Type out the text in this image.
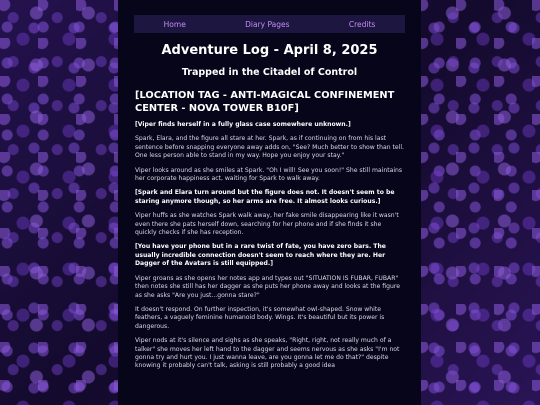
Home	Diary Pages	Credits
Adventure Log - April 8, 2025
Trapped in the Citadel of Control
[LOCATION TAG - ANTI-MAGICAL CONFINEMENT CENTER - NOVA TOWER B10F]

[Viper finds herself in a fully glass case somewhere unknown.]

Spark, Elara, and the figure all stare at her. Spark, as if continuing on from his last sentence before snapping everyone away adds on, "See? Much better to show than tell. One less person able to stand in my way. Hope you enjoy your stay."

Viper looks around as she smiles at Spark. "Oh I will! See you soon!" She still maintains her corporate happiness act, waiting for Spark to walk away.

[Spark and Elara turn around but the figure does not. It doesn't seem to be staring anymore though, so her arms are free. It almost looks curious.]

Viper huffs as she watches Spark walk away, her fake smile disappearing like it wasn't even there she pats herself down, searching for her phone and if she finds it she quickly checks if she has reception.

[You have your phone but in a rare twist of fate, you have zero bars. The usually incredible connection doesn't seem to reach where they are. Her Dagger of the Avatars is still equipped.]

Viper groans as she opens her notes app and types out "SITUATION IS FUBAR, FUBAR" then notes she still has her dagger as she puts her phone away and looks at the figure as she asks "Are you just...gonna stare?"

It doesn't respond. On further inspection, it's somewhat owl-shaped. Snow white feathers, a vaguely feminine humanoid body. Wings. It's beautiful but its power is dangerous.

Viper nods at it's silence and sighs as she speaks, "Right, right, not really much of a talker" she moves her left hand to the dagger and seems nervous as she asks "I'm not gonna try and hurt you. I just wanna leave, are you gonna let me do that?" despite knowing it probably can't talk, asking is still probably a good idea
